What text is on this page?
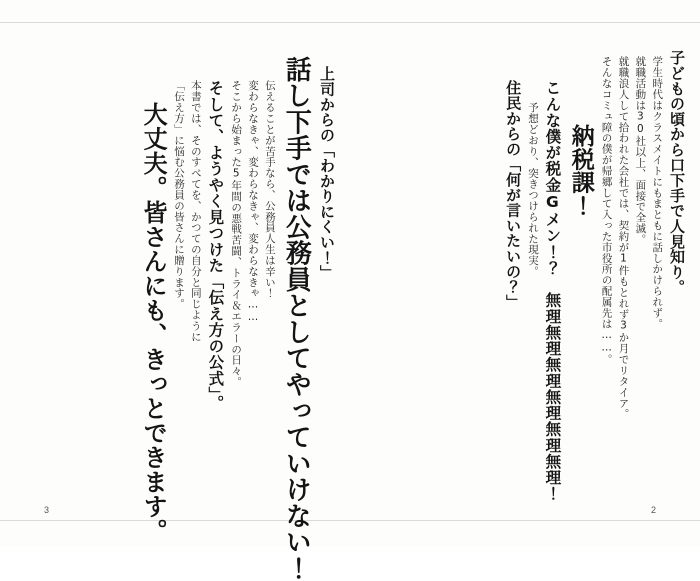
子どもの頃から口下手で人見知り。
学生時代はクラスメイトにもまともに話しかけられず。
就職活動は30社以上、面接で全滅。
就職浪人して拾われた会社では、契約が1件もとれず3か月でリタイア。
そんなコミュ障の僕が帰郷して入った市役所の配属先は……。
納税課！
こんな僕が税金Gメン！？　無理無理無理無理無理無理！
予想どおり、突きつけられた現実。
住民からの「何が言いたいの？」
2
上司からの「わかりにくい！」
話し下手では公務員としてやっていけない！
伝えることが苦手なら、公務員人生は辛い！
変わらなきゃ、変わらなきゃ、変わらなきゃ……
そこから始まった5年間の悪戦苦闘、トライ＆エラーの日々。
そして、ようやく見つけた「伝え方の公式」。
本書では、そのすべてを、かつての自分と同じように
「伝え方」に悩む公務員の皆さんに贈ります。
大丈夫。皆さんにも、きっとできます。
3
